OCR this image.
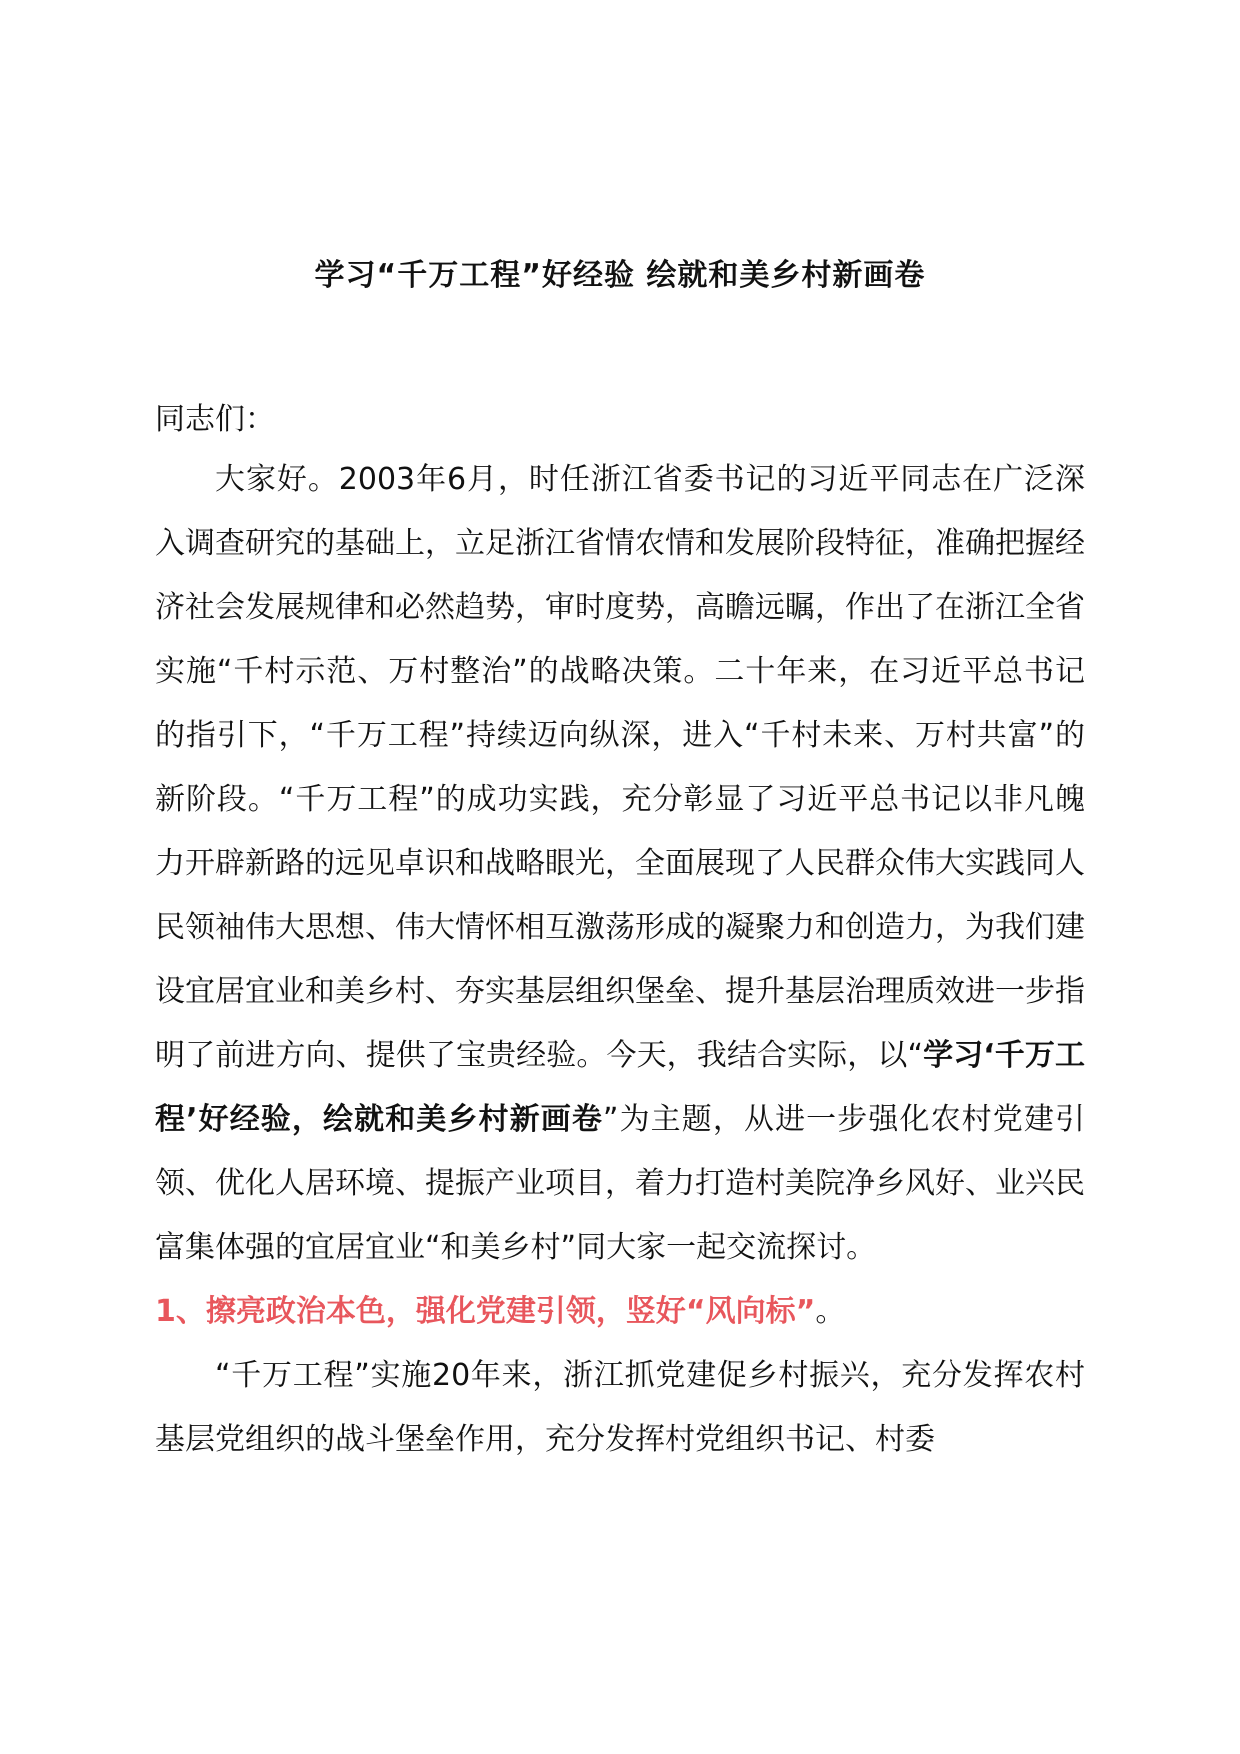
学习“千万工程”好经验 绘就和美乡村新画卷

同志们：

大家好。2003年6月，时任浙江省委书记的习近平同志在广泛深入调查研究的基础上，立足浙江省情农情和发展阶段特征，准确把握经济社会发展规律和必然趋势，审时度势，高瞻远瞩，作出了在浙江全省实施“千村示范、万村整治”的战略决策。二十年来，在习近平总书记的指引下，“千万工程”持续迈向纵深，进入“千村未来、万村共富”的新阶段。“千万工程”的成功实践，充分彰显了习近平总书记以非凡魄力开辟新路的远见卓识和战略眼光，全面展现了人民群众伟大实践同人民领袖伟大思想、伟大情怀相互激荡形成的凝聚力和创造力，为我们建设宜居宜业和美乡村、夯实基层组织堡垒、提升基层治理质效进一步指明了前进方向、提供了宝贵经验。今天，我结合实际，以“学习‘千万工程’好经验，绘就和美乡村新画卷”为主题，从进一步强化农村党建引领、优化人居环境、提振产业项目，着力打造村美院净乡风好、业兴民富集体强的宜居宜业“和美乡村”同大家一起交流探讨。

1、擦亮政治本色，强化党建引领，竖好“风向标”。

“千万工程”实施20年来，浙江抓党建促乡村振兴，充分发挥农村基层党组织的战斗堡垒作用，充分发挥村党组织书记、村委
